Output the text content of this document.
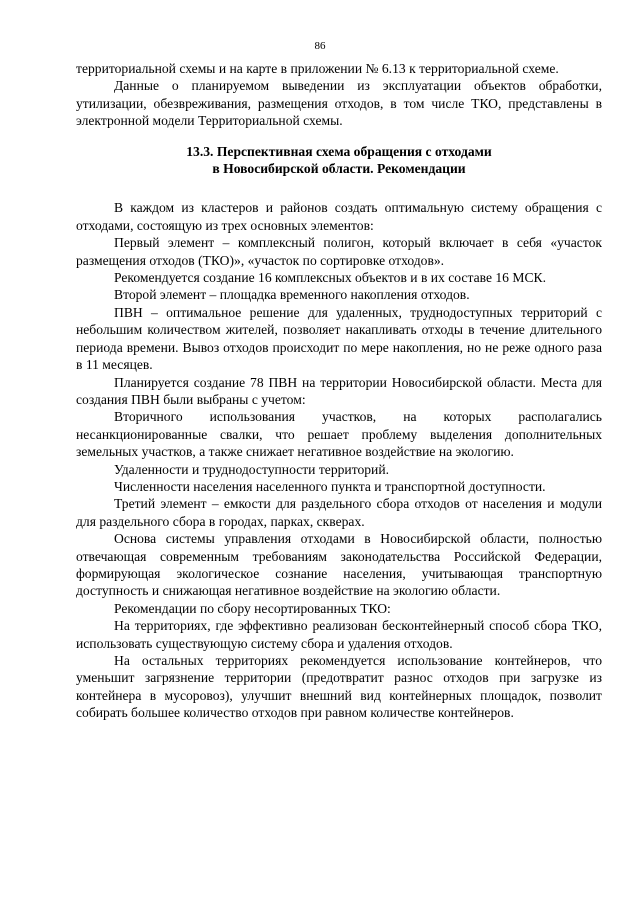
86

территориальной схемы и на карте в приложении № 6.13 к территориальной схеме.

Данные о планируемом выведении из эксплуатации объектов обработки, утилизации, обезвреживания, размещения отходов, в том числе ТКО, представлены в электронной модели Территориальной схемы.

13.3. Перспективная схема обращения с отходами
в Новосибирской области. Рекомендации

В каждом из кластеров и районов создать оптимальную систему обращения с отходами, состоящую из трех основных элементов:

Первый элемент – комплексный полигон, который включает в себя «участок размещения отходов (ТКО)», «участок по сортировке отходов».

Рекомендуется создание 16 комплексных объектов и в их составе 16 МСК.

Второй элемент – площадка временного накопления отходов.

ПВН – оптимальное решение для удаленных, труднодоступных территорий с небольшим количеством жителей, позволяет накапливать отходы в течение длительного периода времени. Вывоз отходов происходит по мере накопления, но не реже одного раза в 11 месяцев.

Планируется создание 78 ПВН на территории Новосибирской области. Места для создания ПВН были выбраны с учетом:

Вторичного использования участков, на которых располагались несанкционированные свалки, что решает проблему выделения дополнительных земельных участков, а также снижает негативное воздействие на экологию.

Удаленности и труднодоступности территорий.

Численности населения населенного пункта и транспортной доступности.

Третий элемент – емкости для раздельного сбора отходов от населения и модули для раздельного сбора в городах, парках, скверах.

Основа системы управления отходами в Новосибирской области, полностью отвечающая современным требованиям законодательства Российской Федерации, формирующая экологическое сознание населения, учитывающая транспортную доступность и снижающая негативное воздействие на экологию области.

Рекомендации по сбору несортированных ТКО:

На территориях, где эффективно реализован бесконтейнерный способ сбора ТКО, использовать существующую систему сбора и удаления отходов.

На остальных территориях рекомендуется использование контейнеров, что уменьшит загрязнение территории (предотвратит разнос отходов при загрузке из контейнера в мусоровоз), улучшит внешний вид контейнерных площадок, позволит собирать большее количество отходов при равном количестве контейнеров.
